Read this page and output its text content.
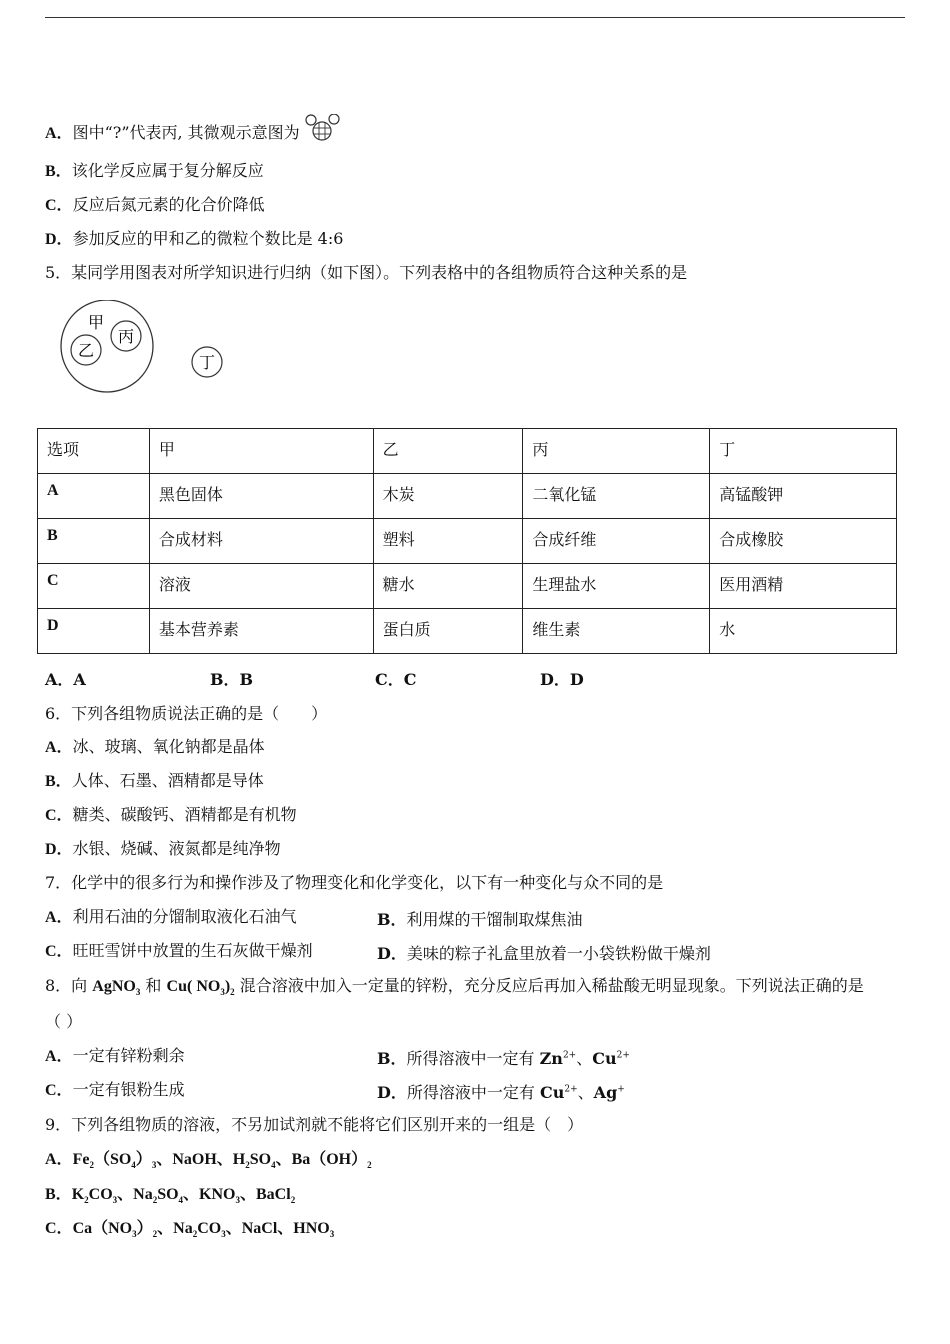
A．图中“?”代表丙, 其微观示意图为
B．该化学反应属于复分解反应
C．反应后氮元素的化合价降低
D．参加反应的甲和乙的微粒个数比是 4:6
5．某同学用图表对所学知识进行归纳（如下图）。下列表格中的各组物质符合这种关系的是
甲
乙
丙
丁
选项	甲	乙	丙	丁
A	黑色固体	木炭	二氧化锰	高锰酸钾
B	合成材料	塑料	合成纤维	合成橡胶
C	溶液	糖水	生理盐水	医用酒精
D	基本营养素	蛋白质	维生素	水
A．A	B．B	C．C	D．D
6．下列各组物质说法正确的是（　　）
A．冰、玻璃、氧化钠都是晶体
B．人体、石墨、酒精都是导体
C．糖类、碳酸钙、酒精都是有机物
D．水银、烧碱、液氮都是纯净物
7．化学中的很多行为和操作涉及了物理变化和化学变化，以下有一种变化与众不同的是
A．利用石油的分馏制取液化石油气	B．利用煤的干馏制取煤焦油
C．旺旺雪饼中放置的生石灰做干燥剂	D．美味的粽子礼盒里放着一小袋铁粉做干燥剂
8．向 AgNO$_3$ 和 Cu( $NO_3)_2$ 混合溶液中加入一定量的锌粉，充分反应后再加入稀盐酸无明显现象。下列说法正确的是
（ ）
A．一定有锌粉剩余	B．所得溶液中一定有 $Zn^{2+}$、$Cu^{2+}$
C．一定有银粉生成	D．所得溶液中一定有 $Cu^{2+}$、Ag+
9．下列各组物质的溶液，不另加试剂就不能将它们区别开来的一组是（　）
A．$Fe_2(SO_4)_3$、NaOH、$H_2SO_4$、$Ba(OH)_2$
B．$K_2CO_3$、$Na_2SO_4$、$KNO_3$、BaCl$_2$
C．$Ca(NO_3)_2$、$Na_2CO_3$、NaCl、$HNO_3$
